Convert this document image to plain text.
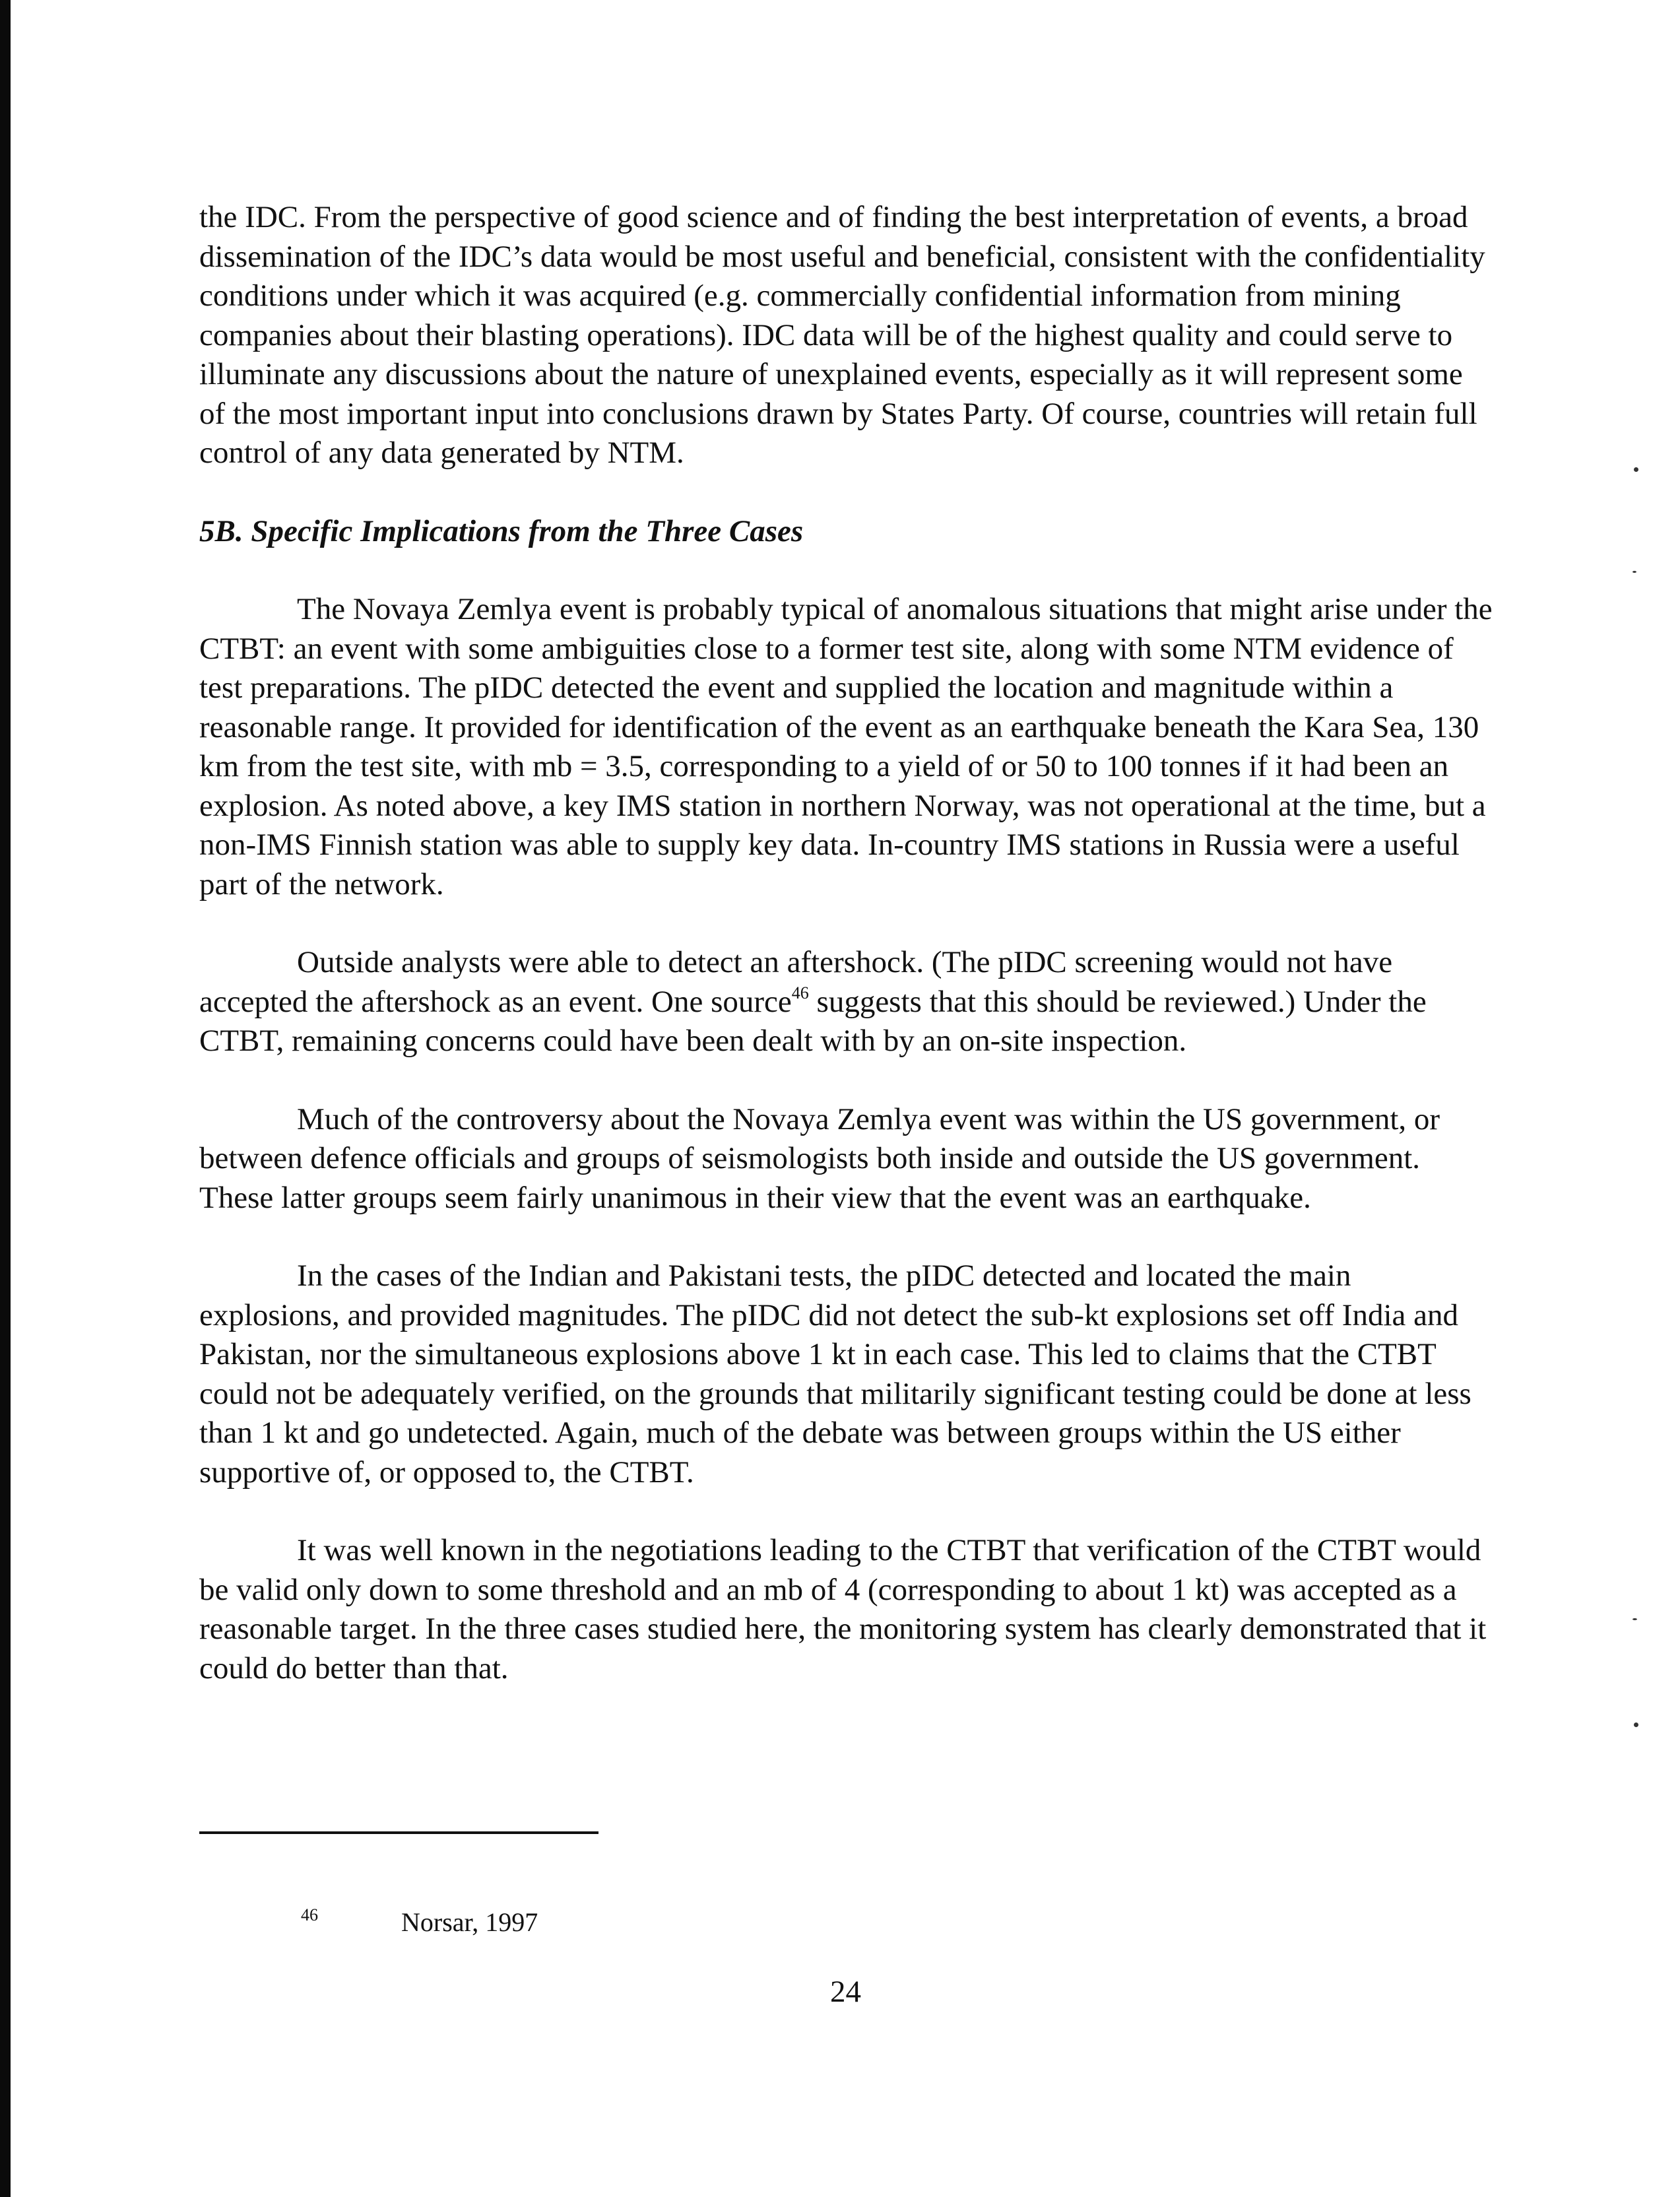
the IDC. From the perspective of good science and of finding the best interpretation of events, a broad dissemination of the IDC’s data would be most useful and beneficial, consistent with the confidentiality conditions under which it was acquired (e.g. commercially confidential information from mining companies about their blasting operations). IDC data will be of the highest quality and could serve to illuminate any discussions about the nature of unexplained events, especially as it will represent some of the most important input into conclusions drawn by States Party. Of course, countries will retain full control of any data generated by NTM.

5B. Specific Implications from the Three Cases

The Novaya Zemlya event is probably typical of anomalous situations that might arise under the CTBT: an event with some ambiguities close to a former test site, along with some NTM evidence of test preparations. The pIDC detected the event and supplied the location and magnitude within a reasonable range. It provided for identification of the event as an earthquake beneath the Kara Sea, 130 km from the test site, with mb = 3.5, corresponding to a yield of or 50 to 100 tonnes if it had been an explosion. As noted above, a key IMS station in northern Norway, was not operational at the time, but a non-IMS Finnish station was able to supply key data. In-country IMS stations in Russia were a useful part of the network.

Outside analysts were able to detect an aftershock. (The pIDC screening would not have accepted the aftershock as an event. One source$^{46}$ suggests that this should be reviewed.) Under the CTBT, remaining concerns could have been dealt with by an on-site inspection.

Much of the controversy about the Novaya Zemlya event was within the US government, or between defence officials and groups of seismologists both inside and outside the US government. These latter groups seem fairly unanimous in their view that the event was an earthquake.

In the cases of the Indian and Pakistani tests, the pIDC detected and located the main explosions, and provided magnitudes. The pIDC did not detect the sub-kt explosions set off India and Pakistan, nor the simultaneous explosions above 1 kt in each case. This led to claims that the CTBT could not be adequately verified, on the grounds that militarily significant testing could be done at less than 1 kt and go undetected. Again, much of the debate was between groups within the US either supportive of, or opposed to, the CTBT.

It was well known in the negotiations leading to the CTBT that verification of the CTBT would be valid only down to some threshold and an mb of 4 (corresponding to about 1 kt) was accepted as a reasonable target. In the three cases studied here, the monitoring system has clearly demonstrated that it could do better than that.

46	Norsar, 1997
24
